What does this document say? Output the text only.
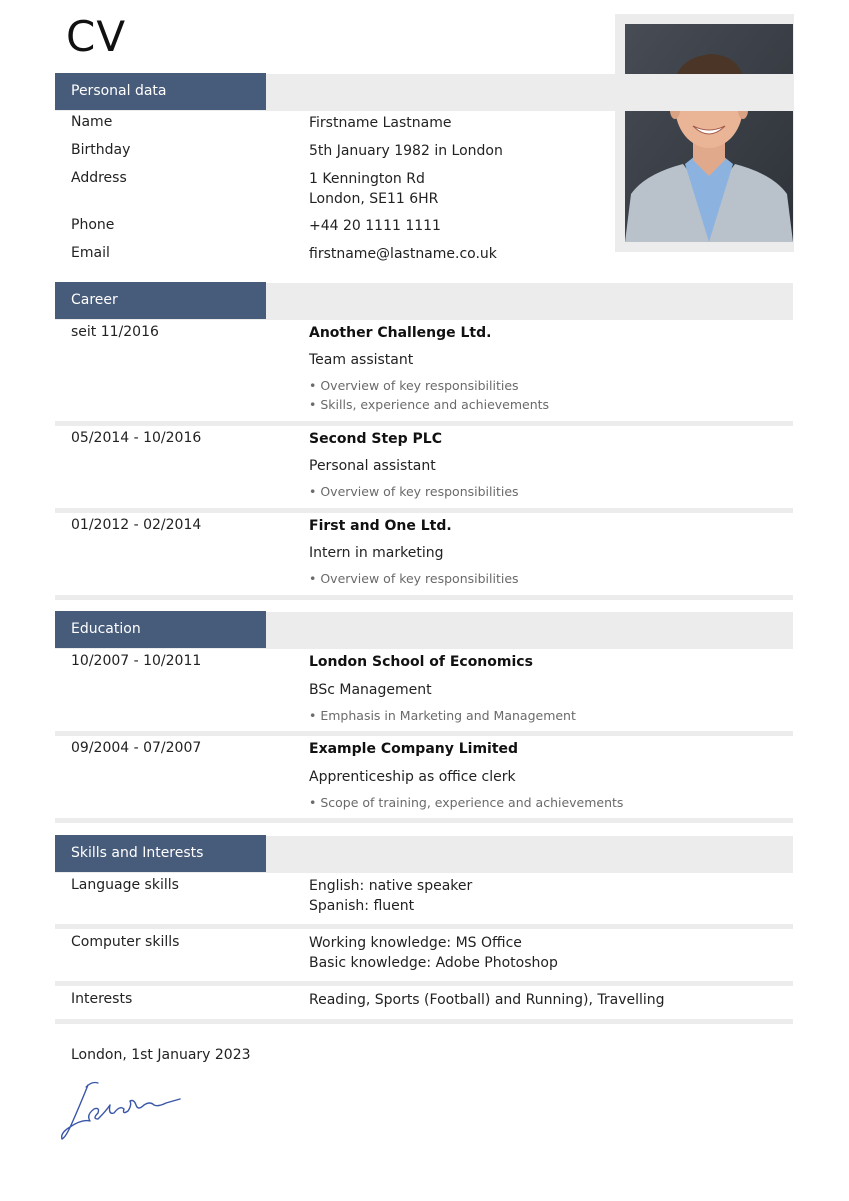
CV
Personal data
Name	Firstname Lastname
Birthday	5th January 1982 in London
Address	1 Kennington Rd
London, SE11 6HR
Phone	+44 20 1111 1111
Email	firstname@lastname.co.uk
Career
seit 11/2016	Another Challenge Ltd.
Team assistant
• Overview of key responsibilities
• Skills, experience and achievements
05/2014 - 10/2016	Second Step PLC
Personal assistant
• Overview of key responsibilities
01/2012 - 02/2014	First and One Ltd.
Intern in marketing
• Overview of key responsibilities
Education
10/2007 - 10/2011	London School of Economics
BSc Management
• Emphasis in Marketing and Management
09/2004 - 07/2007	Example Company Limited
Apprenticeship as office clerk
• Scope of training, experience and achievements
Skills and Interests
Language skills	English: native speaker
Spanish: fluent
Computer skills	Working knowledge: MS Office
Basic knowledge: Adobe Photoshop
Interests	Reading, Sports (Football) and Running), Travelling
London, 1st January 2023
